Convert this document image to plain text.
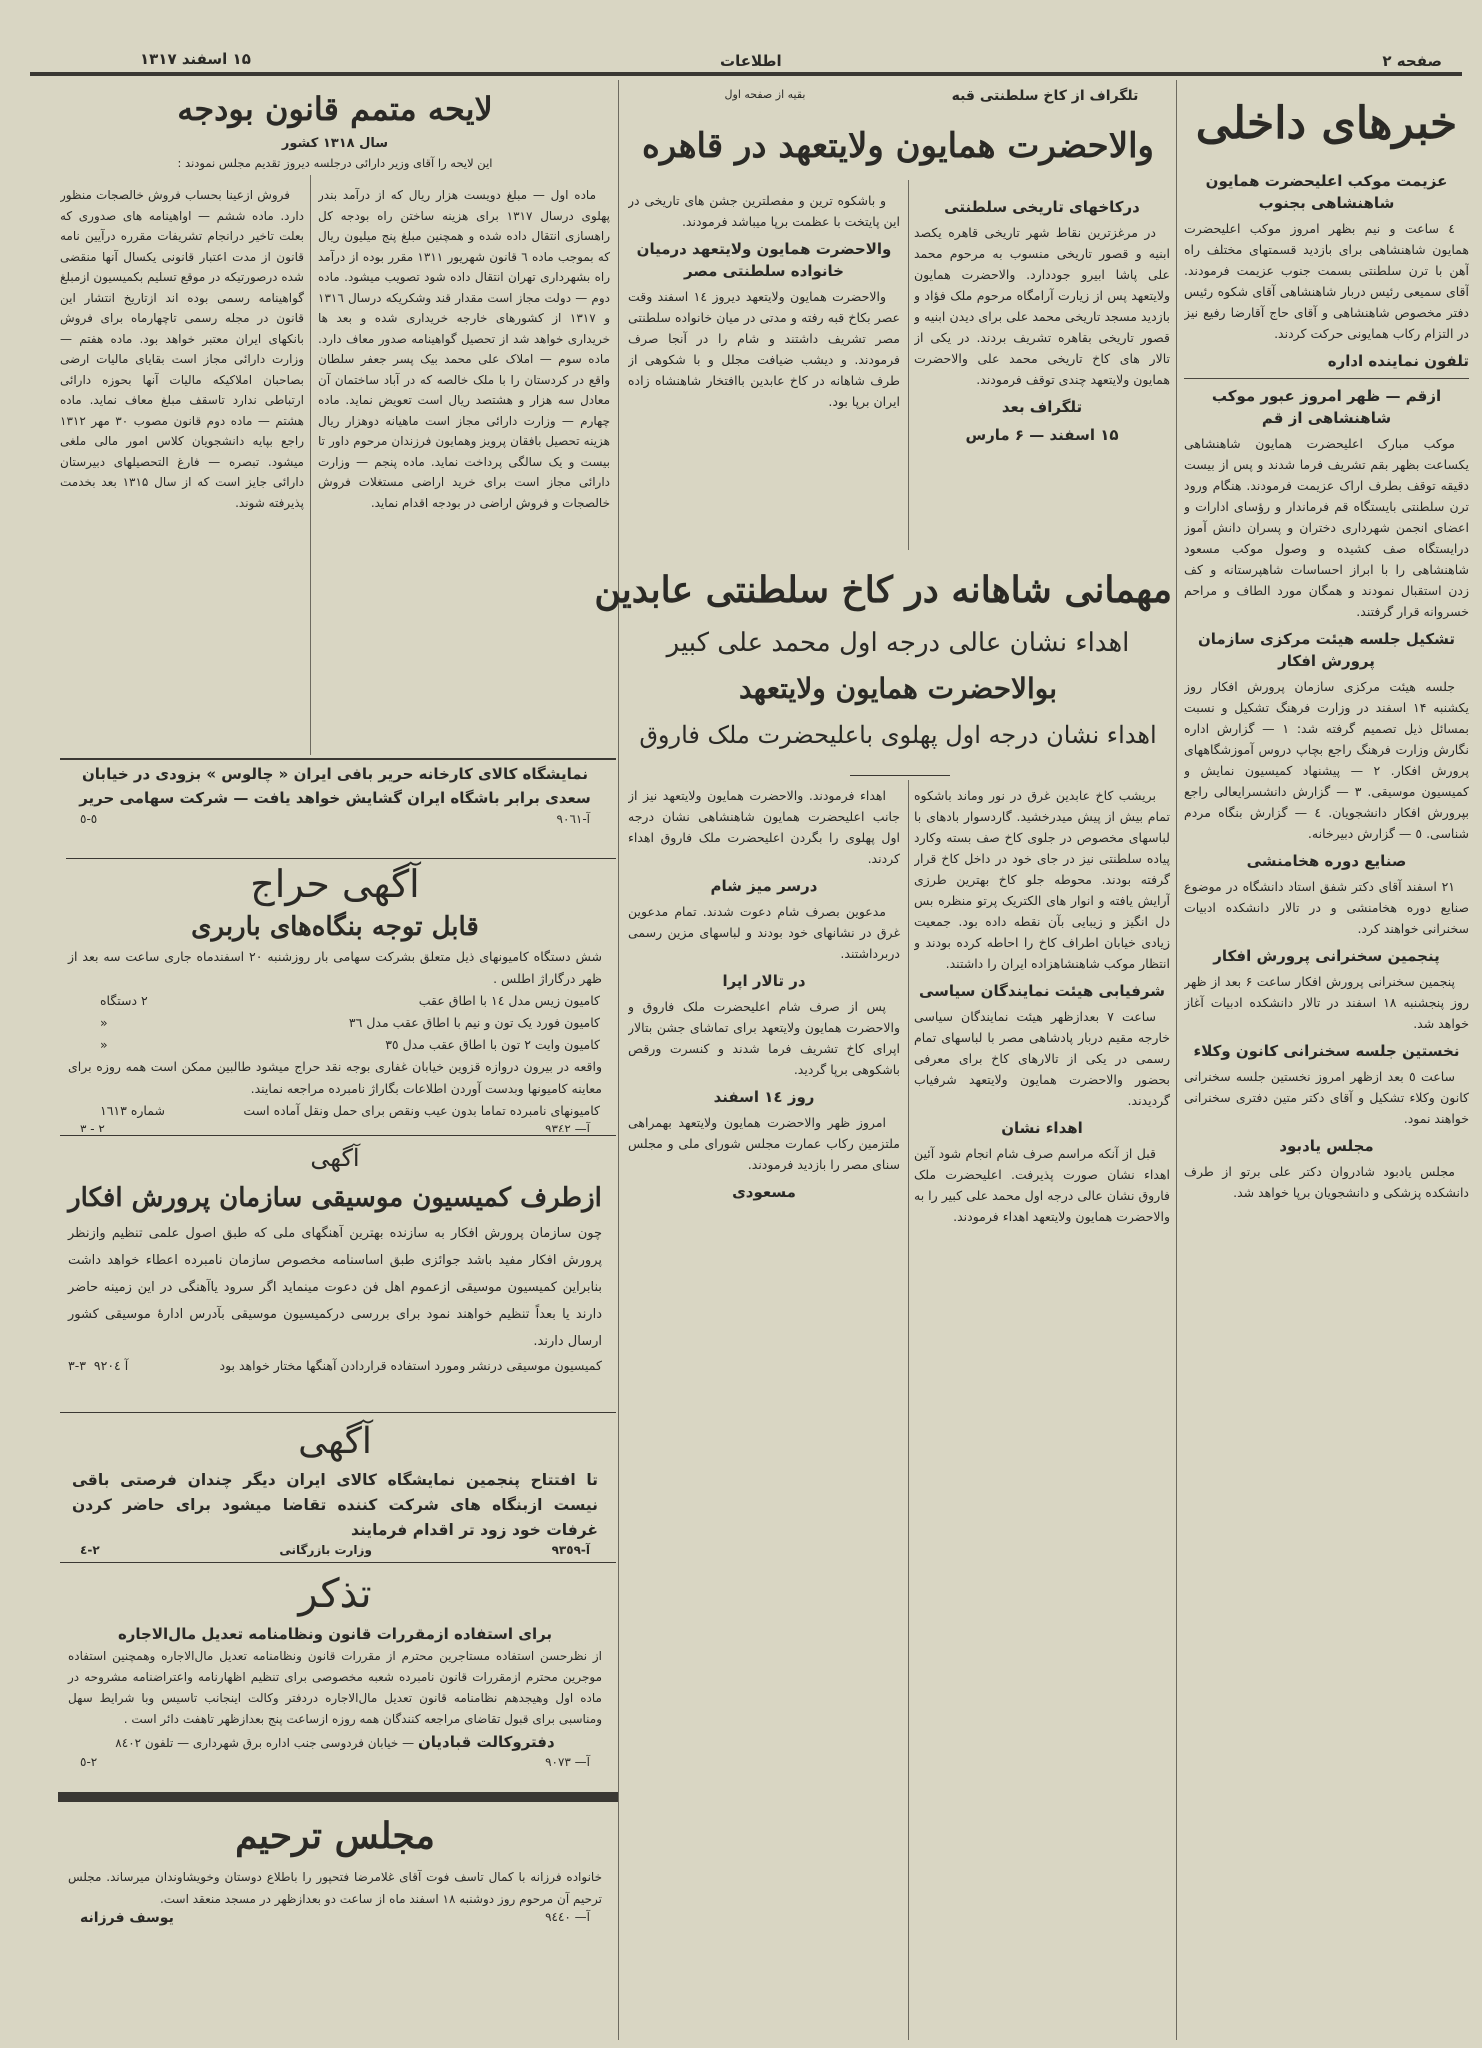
صفحه ۲
اطلاعات
۱۵ اسفند ۱۳۱۷
خبرهای داخلی
عزیمت موکب اعلیحضرت همایون شاهنشاهی بجنوب

٤ ساعت و نیم بظهر امروز موکب اعلیحضرت همایون شاهنشاهی برای بازدید قسمتهای مختلف راه آهن با ترن سلطنتی بسمت جنوب عزیمت فرمودند. آقای سمیعی رئیس دربار شاهنشاهی آقای شکوه رئیس دفتر مخصوص شاهنشاهی و آقای حاج آقارضا رفیع نیز در التزام رکاب همایونی حرکت کردند.

تلفون نماینده اداره
ازقم — ظهر امروز عبور موکب شاهنشاهی از قم

موکب مبارک اعلیحضرت همایون شاهنشاهی یکساعت بظهر بقم تشریف فرما شدند و پس از بیست دقیقه توقف بطرف اراک عزیمت فرمودند. هنگام ورود ترن سلطنتی بایستگاه قم فرماندار و رؤسای ادارات و اعضای انجمن شهرداری دختران و پسران دانش آموز درایستگاه صف کشیده و وصول موکب مسعود شاهنشاهی را با ابراز احساسات شاهپرستانه و کف زدن استقبال نمودند و همگان مورد الطاف و مراحم خسروانه قرار گرفتند.

تشکیل جلسه هیئت مرکزی سازمان پرورش افکار

جلسه هیئت مرکزی سازمان پرورش افکار روز یکشنبه ۱۴ اسفند در وزارت فرهنگ تشکیل و نسبت بمسائل ذیل تصمیم گرفته شد: ۱ — گزارش اداره نگارش وزارت فرهنگ راجع بچاپ دروس آموزشگاههای پرورش افکار. ۲ — پیشنهاد کمیسیون نمایش و کمیسیون موسیقی. ۳ — گزارش دانشسرایعالی راجع بپرورش افکار دانشجویان. ٤ — گزارش بنگاه مردم شناسی. ٥ — گزارش دبیرخانه.

صنایع دوره هخامنشی

۲۱ اسفند آقای دکتر شفق استاد دانشگاه در موضوع صنایع دوره هخامنشی و در تالار دانشکده ادبیات سخنرانی خواهند کرد.

پنجمین سخنرانی پرورش افکار

پنجمین سخنرانی پرورش افکار ساعت ۶ بعد از ظهر روز پنجشنبه ۱۸ اسفند در تالار دانشکده ادبیات آغاز خواهد شد.

نخستین جلسه سخنرانی کانون وکلاء

ساعت ٥ بعد ازظهر امروز نخستین جلسه سخنرانی کانون وکلاء تشکیل و آقای دکتر متین دفتری سخنرانی خواهند نمود.

مجلس یادبود

مجلس یادبود شادروان دکتر علی برتو از طرف دانشکده پزشکی و دانشجویان برپا خواهد شد.

تلگراف از کاخ سلطنتی قبه
بقیه از صفحه اول
والاحضرت همایون ولایتعهد در قاهره
درکاخهای تاریخی سلطنتی

در مرغزترین نقاط شهر تاریخی قاهره یکصد ابنیه و قصور تاریخی منسوب به مرحوم محمد علی پاشا ابیرو جوددارد. والاحضرت همایون ولایتعهد پس از زیارت آرامگاه مرحوم ملک فؤاد و بازدید مسجد تاریخی محمد علی برای دیدن ابنیه و قصور تاریخی بقاهره تشریف بردند. در یکی از تالار های کاخ تاریخی محمد علی والاحضرت همایون ولایتعهد چندی توقف فرمودند.

تلگراف بعد
۱۵ اسفند — ۶ مارس

و باشکوه ترین و مفصلترین جشن های تاریخی در این پایتخت با عظمت برپا میباشد فرمودند.

والاحضرت همایون ولایتعهد درمیان خانواده سلطنتی مصر

والاحضرت همایون ولایتعهد دیروز ۱٤ اسفند وقت عصر بکاخ قبه رفته و مدتی در میان خانواده سلطنتی مصر تشریف داشتند و شام را در آنجا صرف فرمودند. و دیشب ضیافت مجلل و با شکوهی از طرف شاهانه در کاخ عابدین باافتخار شاهنشاه زاده ایران برپا بود.

مهمانی شاهانه در کاخ سلطنتی عابدین
اهداء نشان عالی درجه اول محمد علی کبیر
بوالاحضرت همایون ولایتعهد
اهداء نشان درجه اول پهلوی باعلیحضرت ملک فاروق

بریشب کاخ عابدین غرق در نور وماند باشکوه تمام بیش از پیش میدرخشید. گاردسوار بادهای با لباسهای مخصوص در جلوی کاخ صف بسته وکارد پیاده سلطنتی نیز در جای خود در داخل کاخ قرار گرفته بودند. محوطه جلو کاخ بهترین طرزی آرایش یافته و انوار های الکتریک پرتو منظره بس دل انگیز و زیبایی بآن نقطه داده بود. جمعیت زیادی خیابان اطراف کاخ را احاطه کرده بودند و انتظار موکب شاهنشاهزاده ایران را داشتند.

شرفیابی هیئت نمایندگان سیاسی

ساعت ۷ بعدازظهر هیئت نمایندگان سیاسی خارجه مقیم دربار پادشاهی مصر با لباسهای تمام رسمی در یکی از تالارهای کاخ برای معرفی بحضور والاحضرت همایون ولایتعهد شرفیاب گردیدند.

اهداء نشان

قبل از آنکه مراسم صرف شام انجام شود آئین اهداء نشان صورت پذیرفت. اعلیحضرت ملک فاروق نشان عالی درجه اول محمد علی کبیر را به والاحضرت همایون ولایتعهد اهداء فرمودند.

اهداء فرمودند. والاحضرت همایون ولایتعهد نیز از جانب اعلیحضرت همایون شاهنشاهی نشان درجه اول پهلوی را بگردن اعلیحضرت ملک فاروق اهداء کردند.

درسر میز شام

مدعوین بصرف شام دعوت شدند. تمام مدعوین غرق در نشانهای خود بودند و لباسهای مزین رسمی دربرداشتند.

در تالار اپرا

پس از صرف شام اعلیحضرت ملک فاروق و والاحضرت همایون ولایتعهد برای تماشای جشن بتالار اپرای کاخ تشریف فرما شدند و کنسرت ورقص باشکوهی برپا گردید.

روز ۱٤ اسفند

امروز ظهر والاحضرت همایون ولایتعهد بهمراهی ملتزمین رکاب عمارت مجلس شورای ملی و مجلس سنای مصر را بازدید فرمودند.

مسعودی
لایحه متمم قانون بودجه
سال ۱۳۱۸ کشور
این لایحه را آقای وزیر دارائی درجلسه دیروز تقدیم مجلس نمودند :

ماده اول — مبلغ دویست هزار ریال که از درآمد بندر پهلوی درسال ۱۳۱۷ برای هزینه ساختن راه بودجه کل راهسازی انتقال داده شده و همچنین مبلغ پنج میلیون ریال که بموجب ماده ٦ قانون شهریور ۱۳۱۱ مقرر بوده از درآمد راه بشهرداری تهران انتقال داده شود تصویب میشود. ماده دوم — دولت مجاز است مقدار قند وشکریکه درسال ۱۳۱٦ و ۱۳۱۷ از کشورهای خارجه خریداری شده و بعد ها خریداری خواهد شد از تحصیل گواهینامه صدور معاف دارد. ماده سوم — املاک علی محمد بیک پسر جعفر سلطان واقع در کردستان را با ملک خالصه که در آباد ساختمان آن معادل سه هزار و هشتصد ریال است تعویض نماید. ماده چهارم — وزارت دارائی مجاز است ماهیانه دوهزار ریال هزینه تحصیل بافقان پرویز وهمایون فرزندان مرحوم داور تا بیست و یک سالگی پرداخت نماید. ماده پنجم — وزارت دارائی مجاز است برای خرید اراضی مستغلات فروش خالصجات و فروش اراضی در بودجه اقدام نماید.

فروش ازعینا بحساب فروش خالصجات منظور دارد. ماده ششم — اواهینامه های صدوری که بعلت تاخیر درانجام تشریفات مقرره درآیین نامه قانون از مدت اعتبار قانونی یکسال آنها منقضی شده درصورتیکه در موقع تسلیم بکمیسیون ازمبلغ گواهینامه رسمی بوده اند ازتاریخ انتشار این قانون در مجله رسمی تاچهارماه برای فروش بانکهای ایران معتبر خواهد بود. ماده هفتم — وزارت دارائی مجاز است بقایای مالیات ارضی بصاحبان املاکیکه مالیات آنها بحوزه دارائی ارتباطی ندارد تاسقف مبلغ معاف نماید. ماده هشتم — ماده دوم قانون مصوب ۳۰ مهر ۱۳۱۲ راجع بپایه دانشجویان کلاس امور مالی ملغی میشود. تبصره — فارغ التحصیلهای دبیرستان دارائی جایز است که از سال ۱۳۱۵ بعد بخدمت پذیرفته شوند.

نمایشگاه کالای کارخانه حریر بافی ایران « چالوس » بزودی در خیابان سعدی برابر باشگاه ایران گشایش خواهد یافت — شرکت سهامی حریر
آ-۹۰٦۱
٥-٥
آگهی حراج
قابل توجه بنگاه‌های باربری
شش دستگاه کامیونهای ذیل متعلق بشرکت سهامی بار روزشنبه ۲۰ اسفندماه جاری ساعت سه بعد از ظهر درگاراژ اطلس .
کامیون زیس مدل ۱٤ با اطاق عقب
۲ دستگاه
کامیون فورد یک تون و نیم با اطاق عقب مدل ۳٦
«
کامیون وایت ۲ تون با اطاق عقب مدل ۳٥
«
واقعه در بیرون دروازه قزوین خیابان غفاری بوجه نقد حراج میشود طالبین ممکن است همه روزه برای معاینه کامیونها وبدست آوردن اطلاعات بگاراژ نامبرده مراجعه نمایند.
کامیونهای نامبرده تماما بدون عیب ونقص برای حمل ونقل آماده است
شماره ۱٦۱۳
آ— ۹۳٤۲
۲ - ۳
آگهی
ازطرف کمیسیون موسیقی سازمان پرورش افکار
چون سازمان پرورش افکار به سازنده بهترین آهنگهای ملی که طبق اصول علمی تنظیم وازنظر پرورش افکار مفید باشد جوائزی طبق اساسنامه مخصوص سازمان نامبرده اعطاء خواهد داشت بنابراین کمیسیون موسیقی ازعموم اهل فن دعوت مینماید اگر سرود یاآهنگی در این زمینه حاضر دارند یا بعداً تنظیم خواهند نمود برای بررسی درکمیسیون موسیقی بآدرس ادارهٔ موسیقی کشور ارسال دارند.
کمیسیون موسیقی درنشر ومورد استفاده قراردادن آهنگها مختار خواهد بود
آ ۹۲۰٤  ۳-۳
آگهی
تا افتتاح پنجمین نمایشگاه کالای ایران دیگر چندان فرصتی باقی نیست ازبنگاه های شرکت کننده تقاضا میشود برای حاضر کردن غرفات خود زود تر اقدام فرمایند
آ-۹۳٥۹
وزارت بازرگانی
۲-٤
تذکر
برای استفاده ازمقررات قانون ونظامنامه تعدیل مال‌الاجاره
از نظرحسن استفاده مستاجرین محترم از مقررات قانون ونظامنامه تعدیل مال‌الاجاره وهمچنین استفاده موجرین محترم ازمقررات قانون نامبرده شعبه مخصوصی برای تنظیم اظهارنامه واعتراضنامه مشروحه در ماده اول وهیجدهم نظامنامه قانون تعدیل مال‌الاجاره دردفتر وکالت اینجانب تاسیس وبا شرایط سهل ومناسبی برای قبول تقاضای مراجعه کنندگان همه روزه ازساعت پنج بعدازظهر تاهفت دائر است .
دفتروکالت قبادیان — خیابان فردوسی جنب اداره برق شهرداری — تلفون ۸٤۰۲
آ— ۹۰۷۳
۲-٥
مجلس ترحیم
خانواده فرزانه با کمال تاسف فوت آقای غلامرضا فتحپور را باطلاع دوستان وخویشاوندان میرساند. مجلس ترحیم آن مرحوم روز دوشنبه ۱۸ اسفند ماه از ساعت دو بعدازظهر در مسجد منعقد است.
آ— ۹٤٤۰
یوسف فرزانه
